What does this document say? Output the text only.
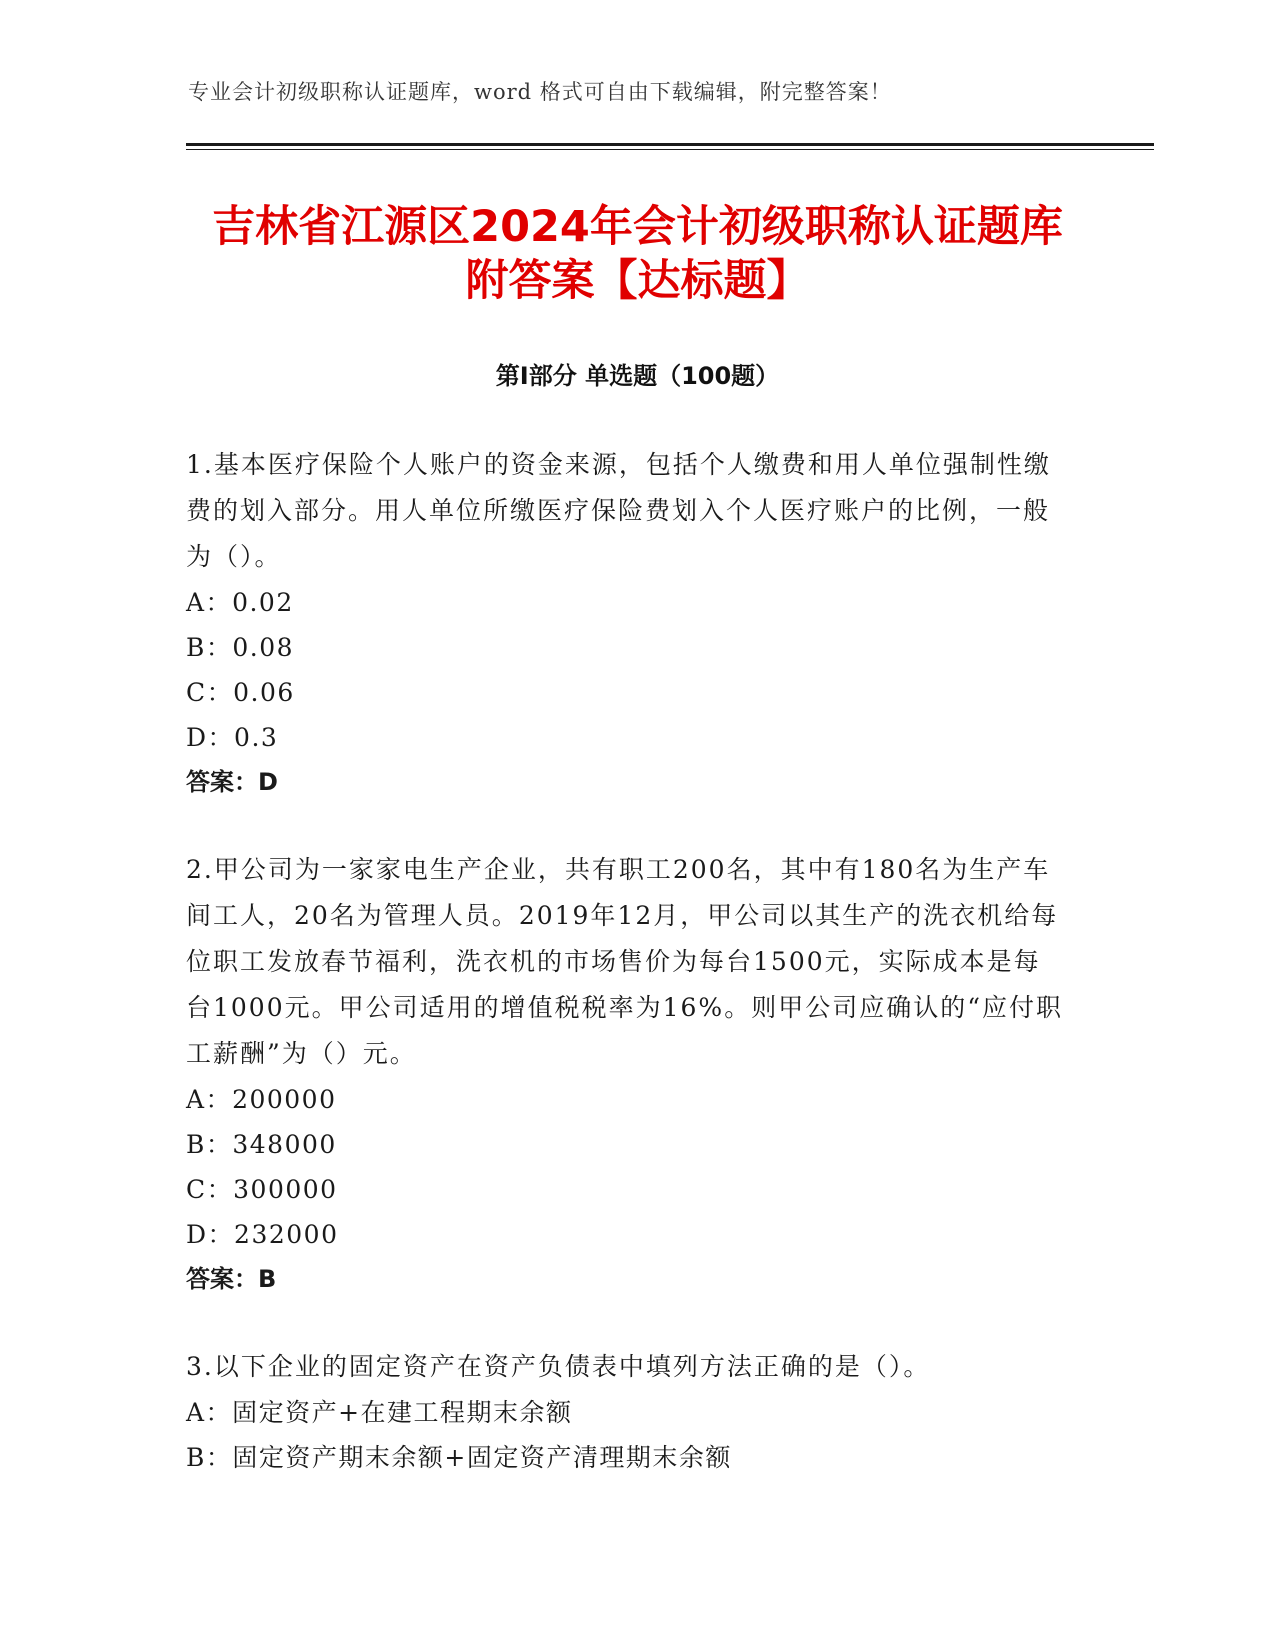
专业会计初级职称认证题库，word 格式可自由下载编辑，附完整答案！
吉林省江源区2024年会计初级职称认证题库
附答案【达标题】
第Ⅰ部分 单选题（100题）

1.基本医疗保险个人账户的资金来源，包括个人缴费和用人单位强制性缴费的划入部分。用人单位所缴医疗保险费划入个人医疗账户的比例，一般为（）。

A：0.02

B：0.08

C：0.06

D：0.3

答案：D

2.甲公司为一家家电生产企业，共有职工200名，其中有180名为生产车间工人，20名为管理人员。2019年12月，甲公司以其生产的洗衣机给每位职工发放春节福利，洗衣机的市场售价为每台1500元，实际成本是每台1000元。甲公司适用的增值税税率为16%。则甲公司应确认的“应付职工薪酬”为（）元。

A：200000

B：348000

C：300000

D：232000

答案：B

3.以下企业的固定资产在资产负债表中填列方法正确的是（）。

A：固定资产+在建工程期末余额

B：固定资产期末余额+固定资产清理期末余额
